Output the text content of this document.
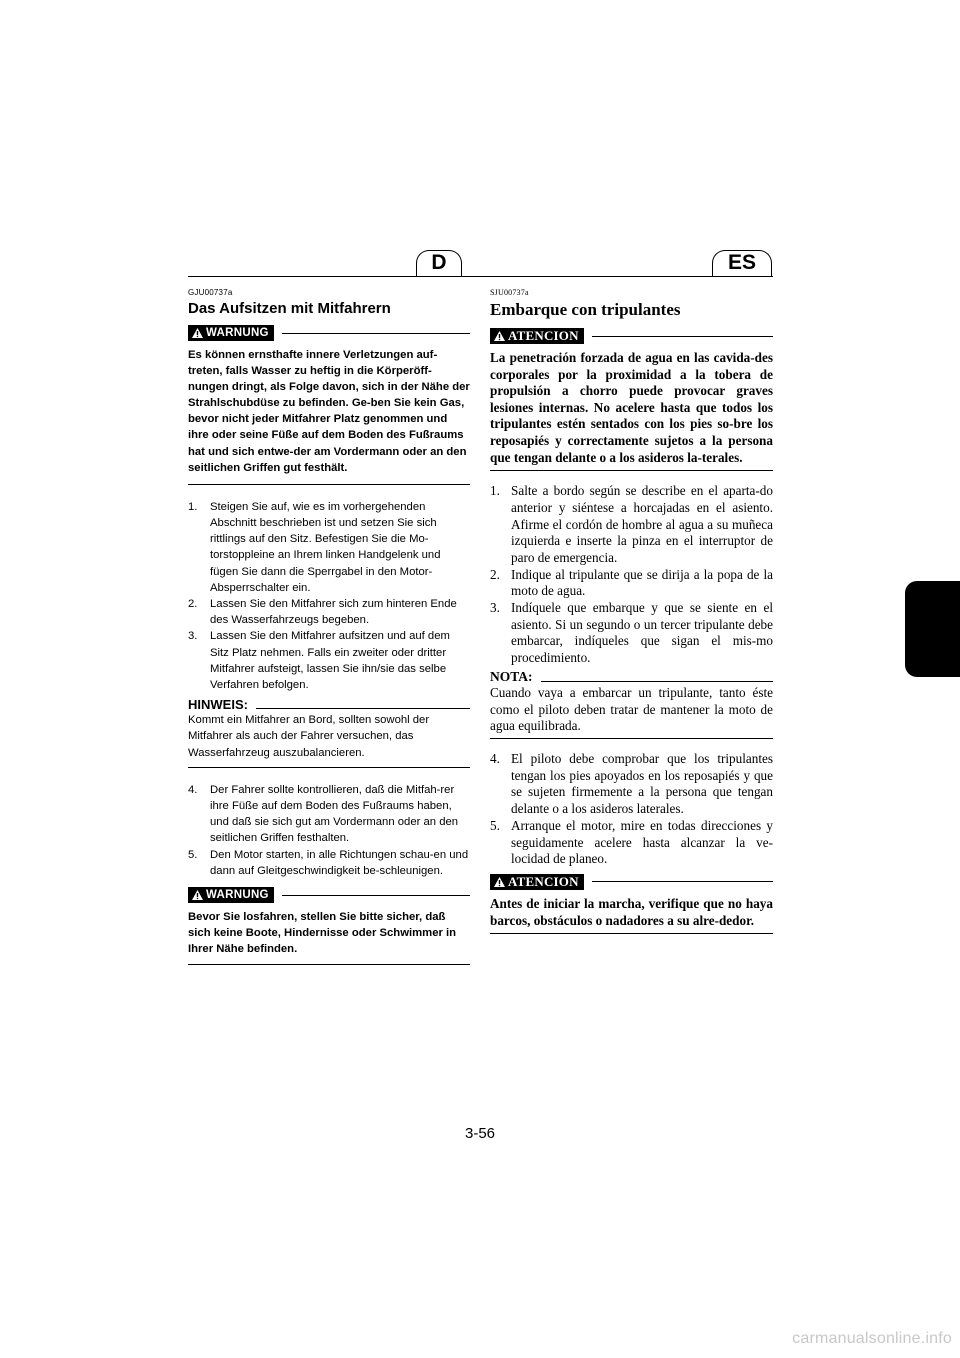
D	ES
GJU00737a
Das Aufsitzen mit Mitfahrern
WARNUNG

Es können ernsthafte innere Verletzungen auf-treten, falls Wasser zu heftig in die Körperöff-nungen dringt, als Folge davon, sich in der Nähe der Strahlschubdüse zu befinden. Ge-ben Sie kein Gas, bevor nicht jeder Mitfahrer Platz genommen und ihre oder seine Füße auf dem Boden des Fußraums hat und sich entwe-der am Vordermann oder an den seitlichen Griffen gut festhält.

1.	Steigen Sie auf, wie es im vorhergehenden Abschnitt beschrieben ist und setzen Sie sich rittlings auf den Sitz. Befestigen Sie die Mo-torstoppleine an Ihrem linken Handgelenk und fügen Sie dann die Sperrgabel in den Motor-Absperrschalter ein.
2.	Lassen Sie den Mitfahrer sich zum hinteren Ende des Wasserfahrzeugs begeben.
3.	Lassen Sie den Mitfahrer aufsitzen und auf dem Sitz Platz nehmen. Falls ein zweiter oder dritter Mitfahrer aufsteigt, lassen Sie ihn/sie das selbe Verfahren befolgen.
HINWEIS:

Kommt ein Mitfahrer an Bord, sollten sowohl der Mitfahrer als auch der Fahrer versuchen, das Wasserfahrzeug auszubalancieren.

4.	Der Fahrer sollte kontrollieren, daß die Mitfah-rer ihre Füße auf dem Boden des Fußraums haben, und daß sie sich gut am Vordermann oder an den seitlichen Griffen festhalten.
5.	Den Motor starten, in alle Richtungen schau-en und dann auf Gleitgeschwindigkeit be-schleunigen.
WARNUNG

Bevor Sie losfahren, stellen Sie bitte sicher, daß sich keine Boote, Hindernisse oder Schwimmer in Ihrer Nähe befinden.

SJU00737a
Embarque con tripulantes
ATENCION

La penetración forzada de agua en las cavida-des corporales por la proximidad a la tobera de propulsión a chorro puede provocar graves lesiones internas. No acelere hasta que todos los tripulantes estén sentados con los pies so-bre los reposapiés y correctamente sujetos a la persona que tengan delante o a los asideros la-terales.

1. Salte a bordo según se describe en el aparta-do anterior y siéntese a horcajadas en el asiento. Afirme el cordón de hombre al agua a su muñeca izquierda e inserte la pinza en el interruptor de paro de emergencia.
2. Indique al tripulante que se dirija a la popa de la moto de agua.
3. Indíquele que embarque y que se siente en el asiento. Si un segundo o un tercer tripulante debe embarcar, indíqueles que sigan el mis-mo procedimiento.
NOTA:

Cuando vaya a embarcar un tripulante, tanto éste como el piloto deben tratar de mantener la moto de agua equilibrada.

4. El piloto debe comprobar que los tripulantes tengan los pies apoyados en los reposapiés y que se sujeten firmemente a la persona que tengan delante o a los asideros laterales.
5. Arranque el motor, mire en todas direcciones y seguidamente acelere hasta alcanzar la ve-locidad de planeo.
ATENCION

Antes de iniciar la marcha, verifique que no haya barcos, obstáculos o nadadores a su alre-dedor.

3-56
carmanualsonline.info
